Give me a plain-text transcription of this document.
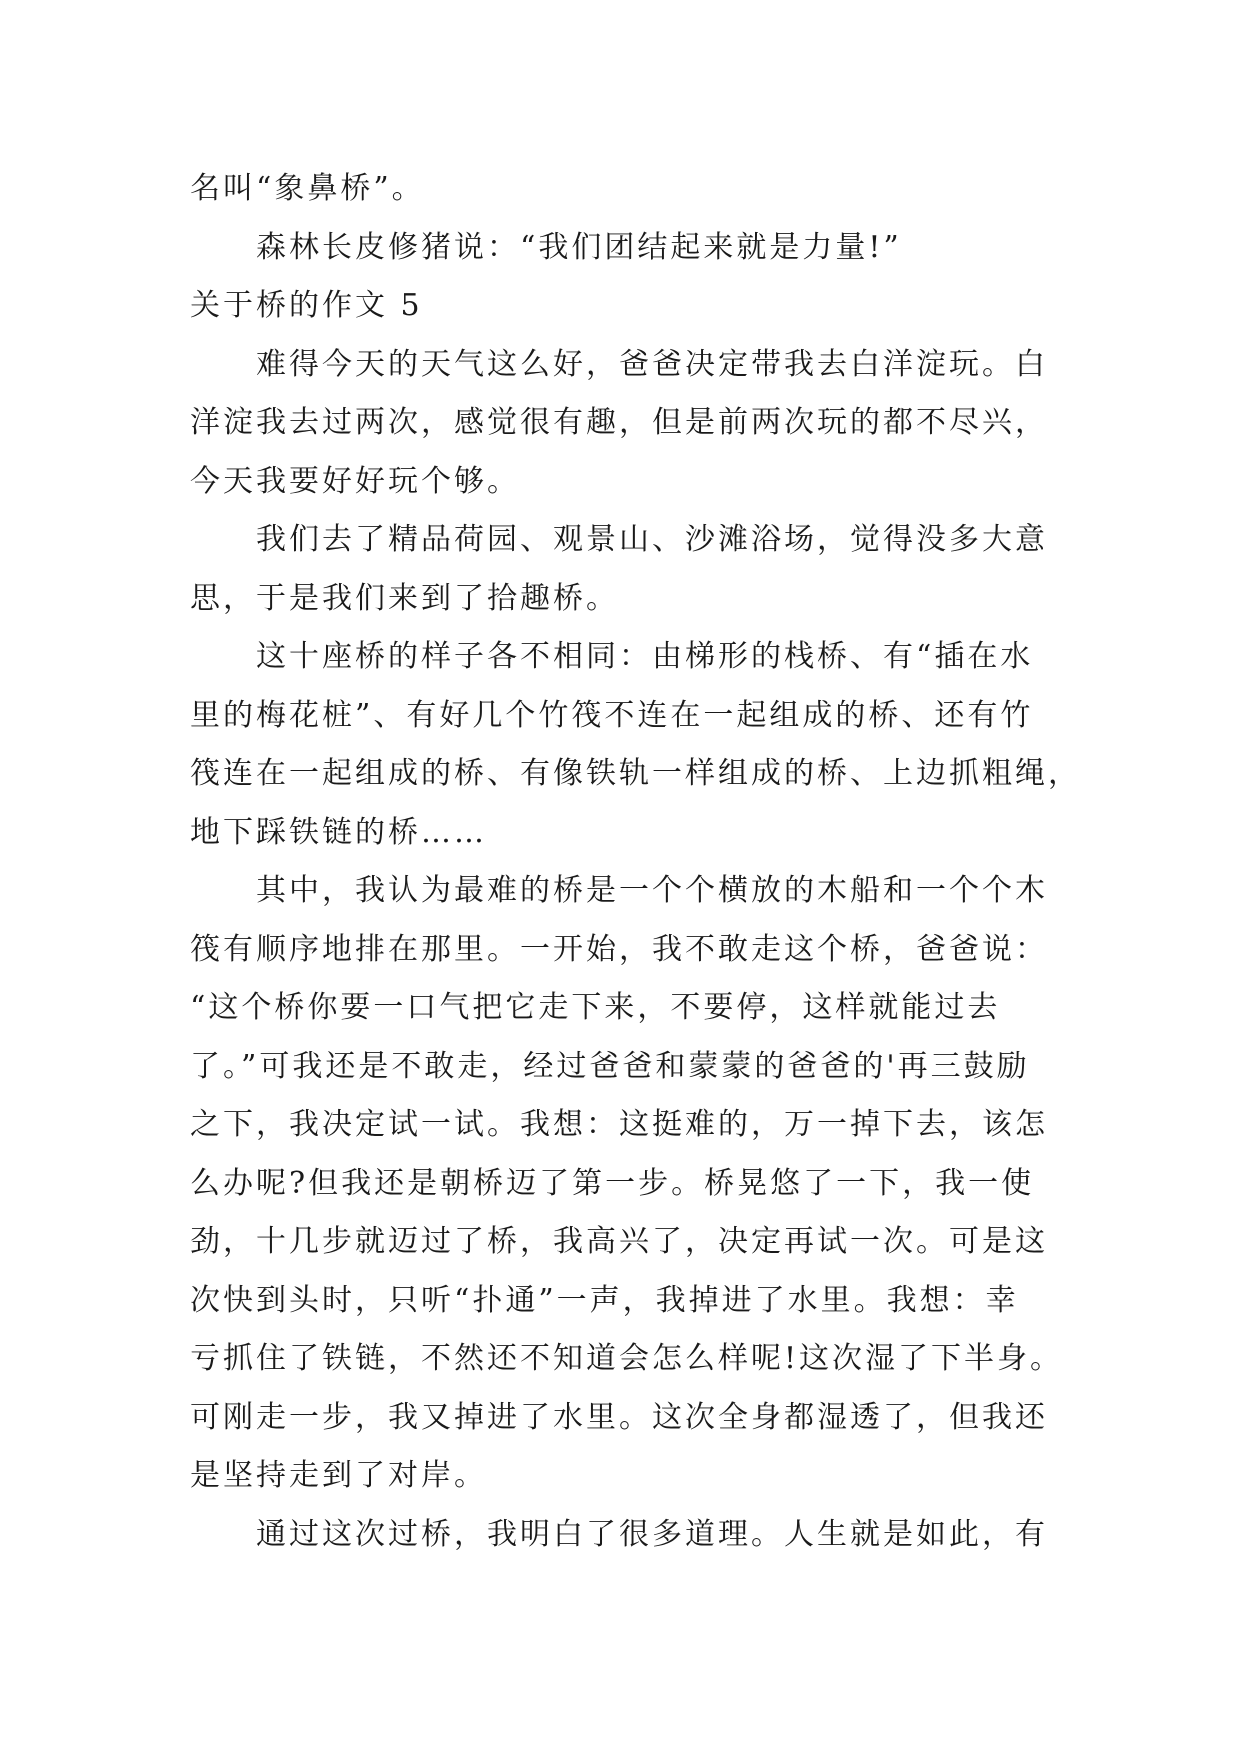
名叫“象鼻桥”。
森林长皮修猪说：“我们团结起来就是力量!”
关于桥的作文 5
难得今天的天气这么好，爸爸决定带我去白洋淀玩。白
洋淀我去过两次，感觉很有趣，但是前两次玩的都不尽兴，
今天我要好好玩个够。
我们去了精品荷园、观景山、沙滩浴场，觉得没多大意
思，于是我们来到了拾趣桥。
这十座桥的样子各不相同：由梯形的栈桥、有“插在水
里的梅花桩”、有好几个竹筏不连在一起组成的桥、还有竹
筏连在一起组成的桥、有像铁轨一样组成的桥、上边抓粗绳，
地下踩铁链的桥……
其中，我认为最难的桥是一个个横放的木船和一个个木
筏有顺序地排在那里。一开始，我不敢走这个桥，爸爸说：
“这个桥你要一口气把它走下来，不要停，这样就能过去
了。”可我还是不敢走，经过爸爸和蒙蒙的爸爸的'再三鼓励
之下，我决定试一试。我想：这挺难的，万一掉下去，该怎
么办呢?但我还是朝桥迈了第一步。桥晃悠了一下，我一使
劲，十几步就迈过了桥，我高兴了，决定再试一次。可是这
次快到头时，只听“扑通”一声，我掉进了水里。我想：幸
亏抓住了铁链，不然还不知道会怎么样呢!这次湿了下半身。
可刚走一步，我又掉进了水里。这次全身都湿透了，但我还
是坚持走到了对岸。
通过这次过桥，我明白了很多道理。人生就是如此，有
